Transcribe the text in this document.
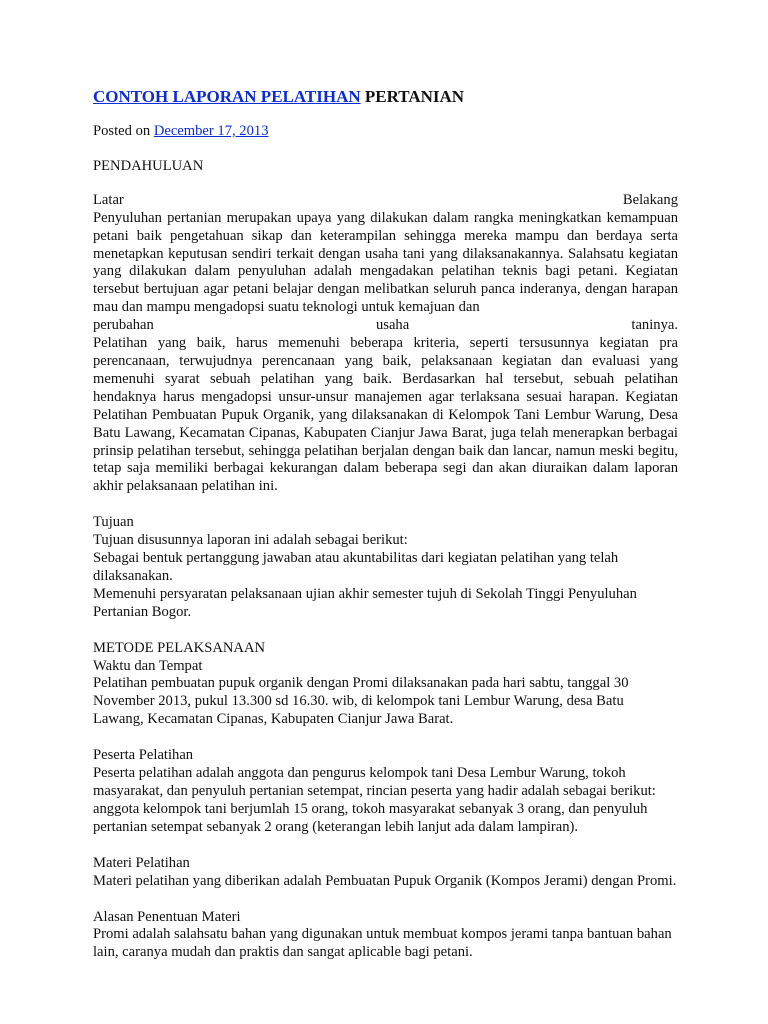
CONTOH LAPORAN PELATIHAN PERTANIAN

Posted on December 17, 2013

PENDAHULUAN

Latar	Belakang

Penyuluhan pertanian merupakan upaya yang dilakukan dalam rangka meningkatkan kemampuan petani baik pengetahuan sikap dan keterampilan sehingga mereka mampu dan berdaya serta menetapkan keputusan sendiri terkait dengan usaha tani yang dilaksanakannya. Salahsatu kegiatan yang dilakukan dalam penyuluhan adalah mengadakan pelatihan teknis bagi petani. Kegiatan tersebut bertujuan agar petani belajar dengan melibatkan seluruh panca inderanya, dengan harapan mau dan mampu mengadopsi suatu teknologi untuk kemajuan dan

perubahan usaha taninya.

Pelatihan yang baik, harus memenuhi beberapa kriteria, seperti tersusunnya kegiatan pra perencanaan, terwujudnya perencanaan yang baik, pelaksanaan kegiatan dan evaluasi yang memenuhi syarat sebuah pelatihan yang baik. Berdasarkan hal tersebut, sebuah pelatihan hendaknya harus mengadopsi unsur-unsur manajemen agar terlaksana sesuai harapan. Kegiatan Pelatihan Pembuatan Pupuk Organik, yang dilaksanakan di Kelompok Tani Lembur Warung, Desa Batu Lawang, Kecamatan Cipanas, Kabupaten Cianjur Jawa Barat, juga telah menerapkan berbagai prinsip pelatihan tersebut, sehingga pelatihan berjalan dengan baik dan lancar, namun meski begitu, tetap saja memiliki berbagai kekurangan dalam beberapa segi dan akan diuraikan dalam laporan akhir pelaksanaan pelatihan ini.

Tujuan

Tujuan disusunnya laporan ini adalah sebagai berikut:

Sebagai bentuk pertanggung jawaban atau akuntabilitas dari kegiatan pelatihan yang telah dilaksanakan.

Memenuhi persyaratan pelaksanaan ujian akhir semester tujuh di Sekolah Tinggi Penyuluhan Pertanian Bogor.

METODE PELAKSANAAN

Waktu dan Tempat

Pelatihan pembuatan pupuk organik dengan Promi dilaksanakan pada hari sabtu, tanggal 30 November 2013, pukul 13.300 sd 16.30. wib, di kelompok tani Lembur Warung, desa Batu Lawang, Kecamatan Cipanas, Kabupaten Cianjur Jawa Barat.

Peserta Pelatihan

Peserta pelatihan adalah anggota dan pengurus kelompok tani Desa Lembur Warung, tokoh masyarakat, dan penyuluh pertanian setempat, rincian peserta yang hadir adalah sebagai berikut: anggota kelompok tani berjumlah 15 orang, tokoh masyarakat sebanyak 3 orang, dan penyuluh pertanian setempat sebanyak 2 orang (keterangan lebih lanjut ada dalam lampiran).

Materi Pelatihan

Materi pelatihan yang diberikan adalah Pembuatan Pupuk Organik (Kompos Jerami) dengan Promi.

Alasan Penentuan Materi

Promi adalah salahsatu bahan yang digunakan untuk membuat kompos jerami tanpa bantuan bahan lain, caranya mudah dan praktis dan sangat aplicable bagi petani.
